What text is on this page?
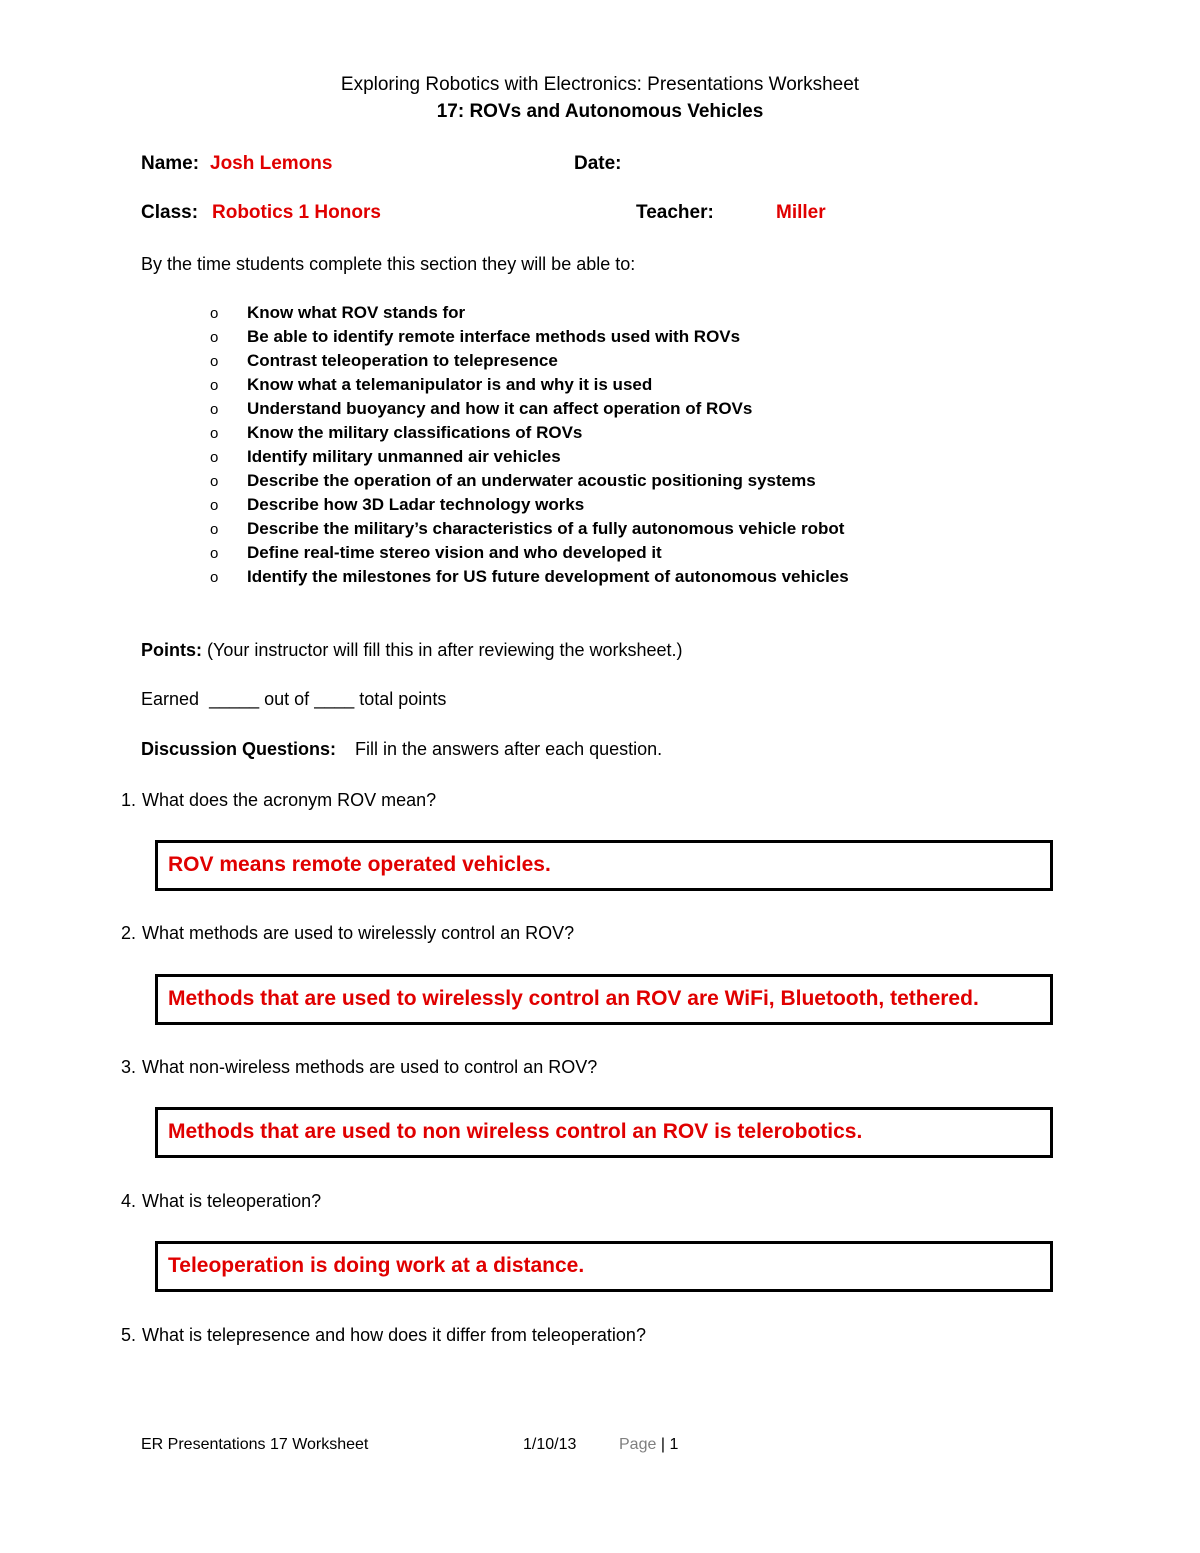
Exploring Robotics with Electronics: Presentations Worksheet
17: ROVs and Autonomous Vehicles
Name: Josh Lemons	Date:
Class: Robotics 1 Honors	Teacher:	Miller
By the time students complete this section they will be able to:
o Know what ROV stands for
o Be able to identify remote interface methods used with ROVs
o Contrast teleoperation to telepresence
o Know what a telemanipulator is and why it is used
o Understand buoyancy and how it can affect operation of ROVs
o Know the military classifications of ROVs
o Identify military unmanned air vehicles
o Describe the operation of an underwater acoustic positioning systems
o Describe how 3D Ladar technology works
o Describe the military’s characteristics of a fully autonomous vehicle robot
o Define real-time stereo vision and who developed it
o Identify the milestones for US future development of autonomous vehicles
Points: (Your instructor will fill this in after reviewing the worksheet.)
Earned _____ out of ____ total points
Discussion Questions: Fill in the answers after each question.
1. What does the acronym ROV mean?
ROV means remote operated vehicles.
2. What methods are used to wirelessly control an ROV?
Methods that are used to wirelessly control an ROV are WiFi, Bluetooth, tethered.
3. What non-wireless methods are used to control an ROV?
Methods that are used to non wireless control an ROV is telerobotics.
4. What is teleoperation?
Teleoperation is doing work at a distance.
5. What is telepresence and how does it differ from teleoperation?
ER Presentations 17 Worksheet	1/10/13	Page | 1
